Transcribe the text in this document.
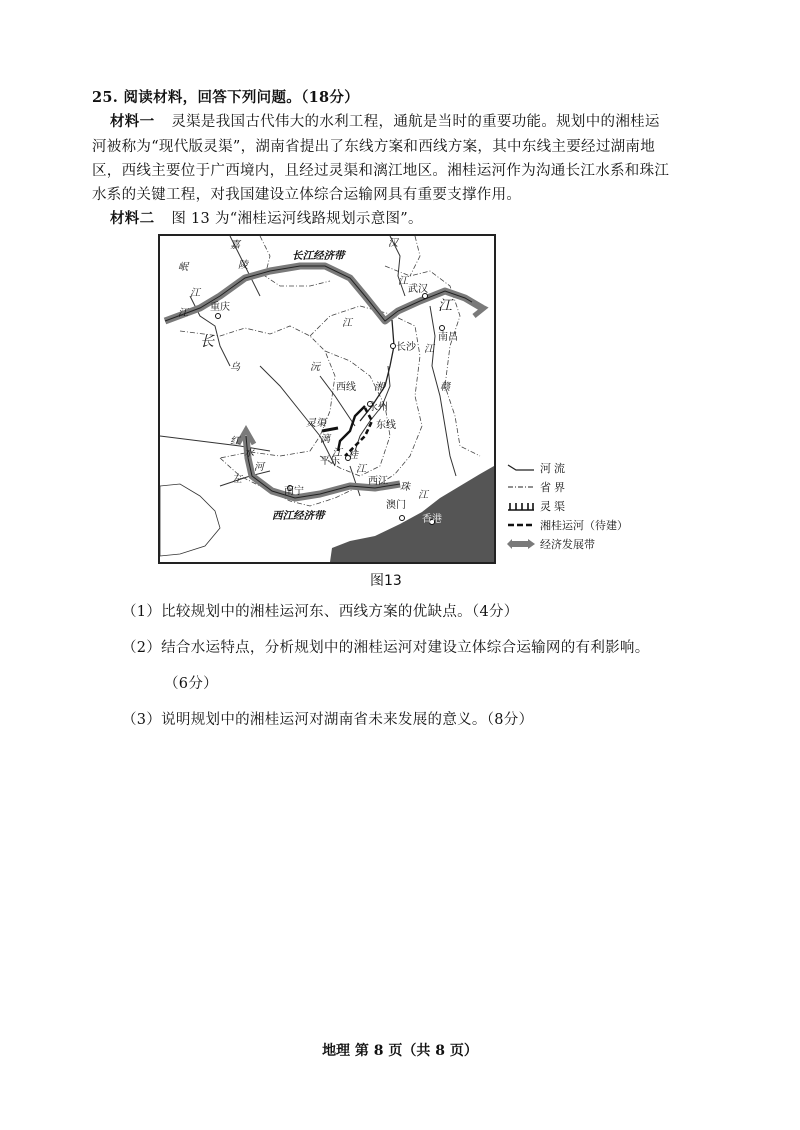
25. 阅读材料，回答下列问题。（18分）
材料一 灵渠是我国古代伟大的水利工程，通航是当时的重要功能。规划中的湘桂运
河被称为“现代版灵渠”，湖南省提出了东线方案和西线方案，其中东线主要经过湖南地
区，西线主要位于广西境内，且经过灵渠和漓江地区。湘桂运河作为沟通长江水系和珠江
水系的关键工程，对我国建设立体综合运输网具有重要支撑作用。
材料二 图 13 为“湘桂运河线路规划示意图”。
嘉
陵
岷
江
长江经济带
汉
江
武汉
江
重庆
江
江
南昌
长	长沙 江
乌	沅
西线 湘
永州
赣
灵渠
漓
东线
江
红
水
河
平乐
桂
江
左	西江
珠
江
南宁
澳门
香港
西江经济带
河流
省界
灵渠
湘桂运河（待建）
经济发展带
图13
（1）比较规划中的湘桂运河东、西线方案的优缺点。（4分）
（2）结合水运特点，分析规划中的湘桂运河对建设立体综合运输网的有利影响。
（6分）
（3）说明规划中的湘桂运河对湖南省未来发展的意义。（8分）
地理 第 8 页（共 8 页）
